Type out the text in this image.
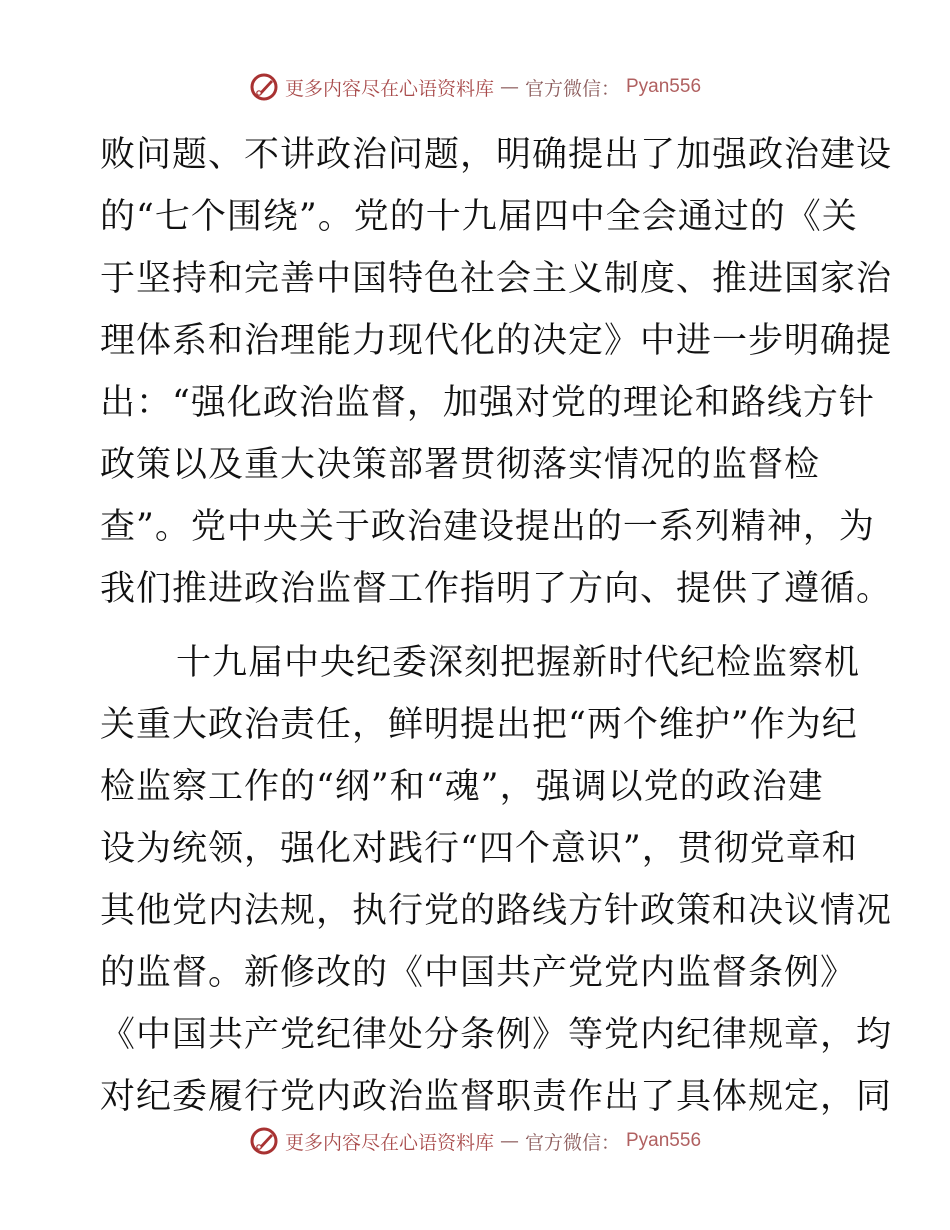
更多内容尽在心语资料库 — 官方微信： Pyan556
败问题、不讲政治问题，明确提出了加强政治建设
的“七个围绕”。党的十九届四中全会通过的《关
于坚持和完善中国特色社会主义制度、推进国家治
理体系和治理能力现代化的决定》中进一步明确提
出：“强化政治监督，加强对党的理论和路线方针
政策以及重大决策部署贯彻落实情况的监督检
查”。党中央关于政治建设提出的一系列精神，为
我们推进政治监督工作指明了方向、提供了遵循。
十九届中央纪委深刻把握新时代纪检监察机
关重大政治责任，鲜明提出把“两个维护”作为纪
检监察工作的“纲”和“魂”，强调以党的政治建
设为统领，强化对践行“四个意识”，贯彻党章和
其他党内法规，执行党的路线方针政策和决议情况
的监督。新修改的《中国共产党党内监督条例》
《中国共产党纪律处分条例》等党内纪律规章，均
对纪委履行党内政治监督职责作出了具体规定，同
更多内容尽在心语资料库 — 官方微信： Pyan556
